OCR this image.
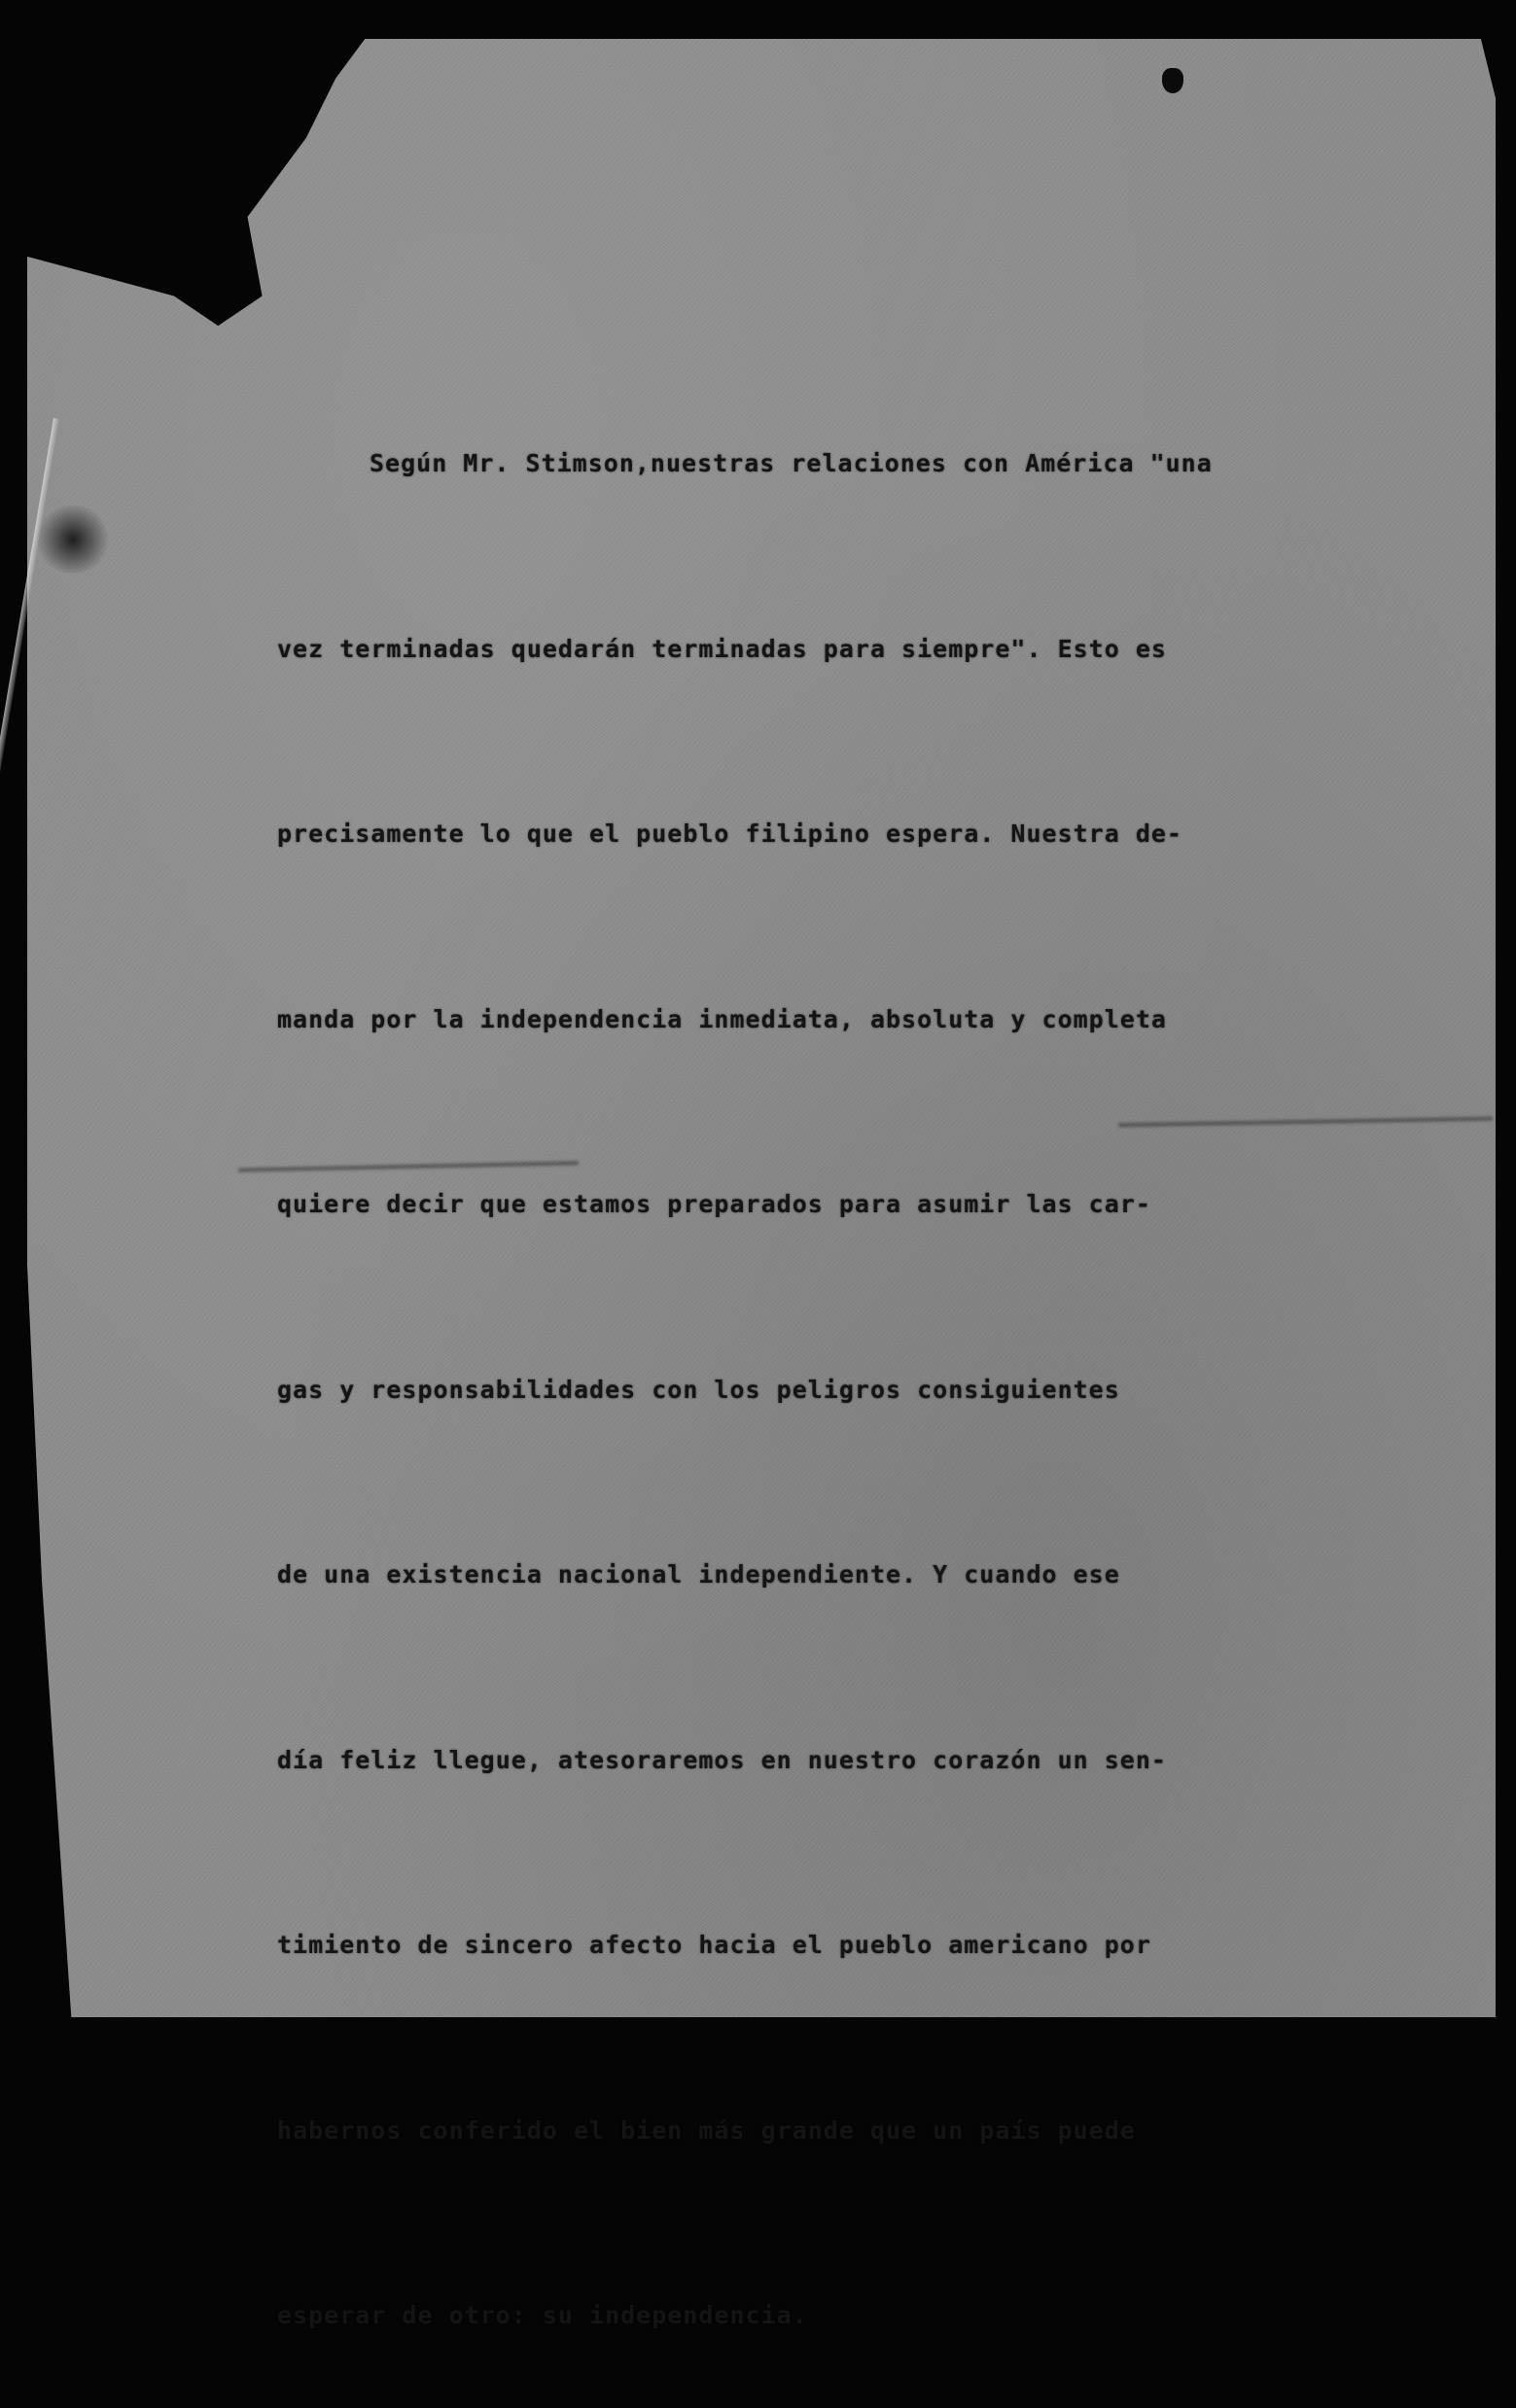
Según Mr. Stimson,nuestras relaciones con América "una

vez terminadas quedarán terminadas para siempre". Esto es

precisamente lo que el pueblo filipino espera. Nuestra de-

manda por la independencia inmediata, absoluta y completa

quiere decir que estamos preparados para asumir las car-

gas y responsabilidades con los peligros consiguientes

de una existencia nacional independiente. Y cuando ese

día feliz llegue, atesoraremos en nuestro corazón un sen-

timiento de sincero afecto hacia el pueblo americano por

habernos conferido el bien más grande que un país puede

esperar de otro: su independencia.
